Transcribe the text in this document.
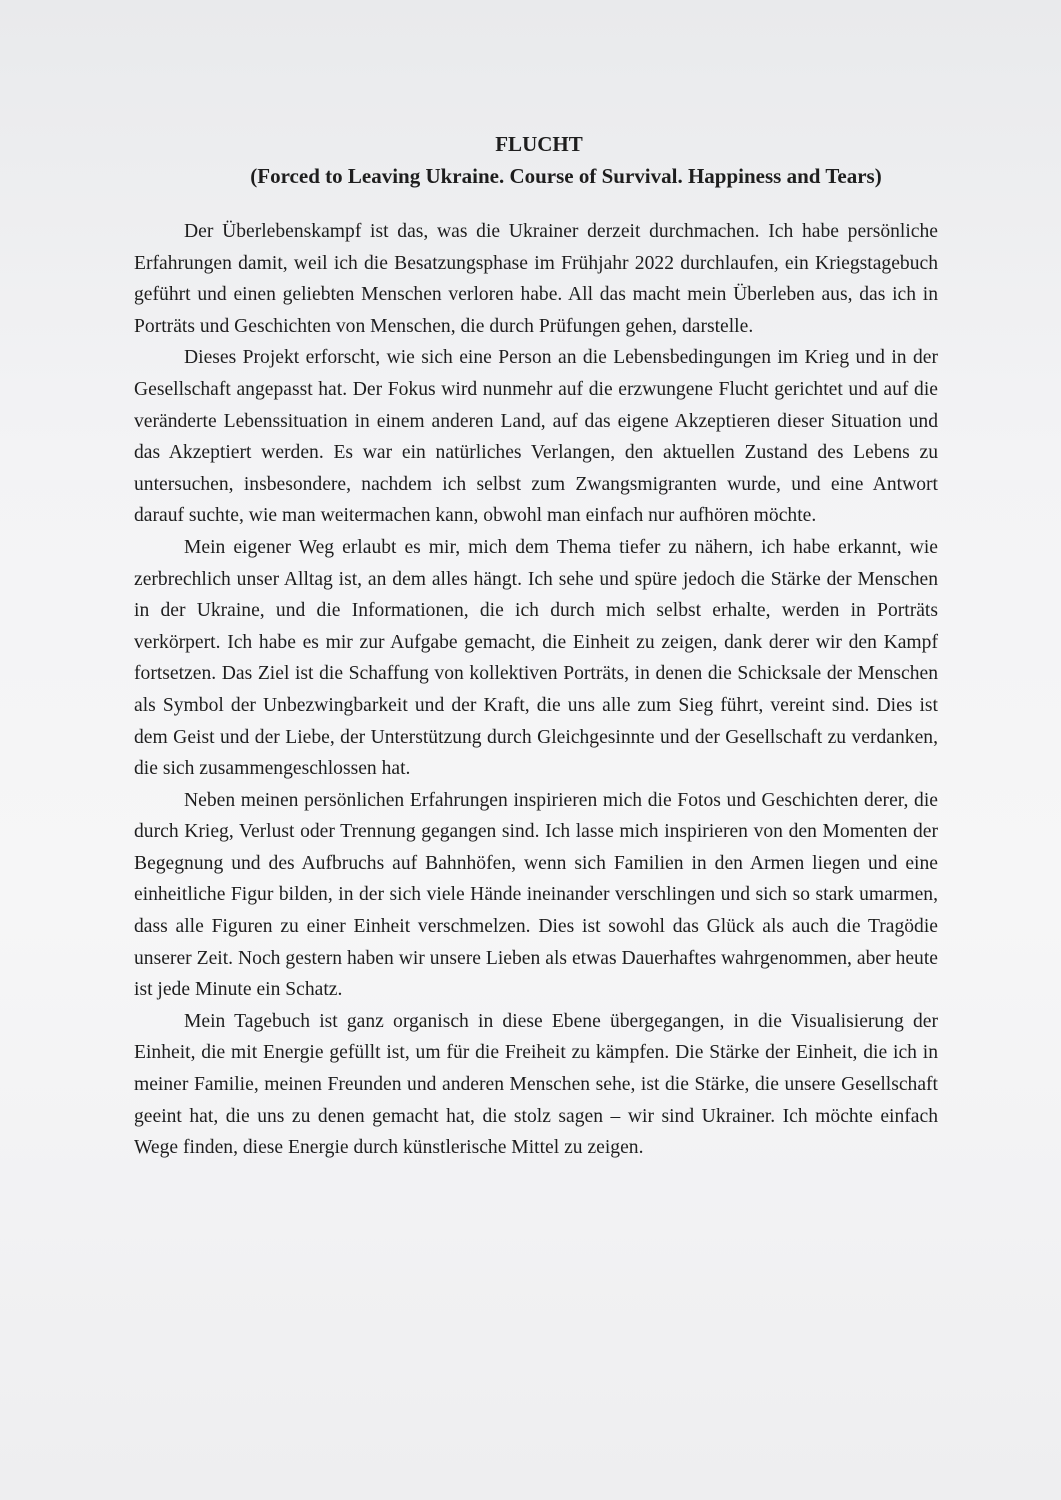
FLUCHT
(Forced to Leaving Ukraine. Course of Survival. Happiness and Tears)

Der Überlebenskampf ist das, was die Ukrainer derzeit durchmachen. Ich habe persönliche Erfahrungen damit, weil ich die Besatzungsphase im Frühjahr 2022 durchlaufen, ein Kriegstagebuch geführt und einen geliebten Menschen verloren habe. All das macht mein Überleben aus, das ich in Porträts und Geschichten von Menschen, die durch Prüfungen gehen, darstelle.

Dieses Projekt erforscht, wie sich eine Person an die Lebensbedingungen im Krieg und in der Gesellschaft angepasst hat. Der Fokus wird nunmehr auf die erzwungene Flucht gerichtet und auf die veränderte Lebenssituation in einem anderen Land, auf das eigene Akzeptieren dieser Situation und das Akzeptiert werden. Es war ein natürliches Verlangen, den aktuellen Zustand des Lebens zu untersuchen, insbesondere, nachdem ich selbst zum Zwangsmigranten wurde, und eine Antwort darauf suchte, wie man weitermachen kann, obwohl man einfach nur aufhören möchte.

Mein eigener Weg erlaubt es mir, mich dem Thema tiefer zu nähern, ich habe erkannt, wie zerbrechlich unser Alltag ist, an dem alles hängt. Ich sehe und spüre jedoch die Stärke der Menschen in der Ukraine, und die Informationen, die ich durch mich selbst erhalte, werden in Porträts verkörpert. Ich habe es mir zur Aufgabe gemacht, die Einheit zu zeigen, dank derer wir den Kampf fortsetzen. Das Ziel ist die Schaffung von kollektiven Porträts, in denen die Schicksale der Menschen als Symbol der Unbezwingbarkeit und der Kraft, die uns alle zum Sieg führt, vereint sind. Dies ist dem Geist und der Liebe, der Unterstützung durch Gleichgesinnte und der Gesellschaft zu verdanken, die sich zusammengeschlossen hat.

Neben meinen persönlichen Erfahrungen inspirieren mich die Fotos und Geschichten derer, die durch Krieg, Verlust oder Trennung gegangen sind. Ich lasse mich inspirieren von den Momenten der Begegnung und des Aufbruchs auf Bahnhöfen, wenn sich Familien in den Armen liegen und eine einheitliche Figur bilden, in der sich viele Hände ineinander verschlingen und sich so stark umarmen, dass alle Figuren zu einer Einheit verschmelzen. Dies ist sowohl das Glück als auch die Tragödie unserer Zeit. Noch gestern haben wir unsere Lieben als etwas Dauerhaftes wahrgenommen, aber heute ist jede Minute ein Schatz.

Mein Tagebuch ist ganz organisch in diese Ebene übergegangen, in die Visualisierung der Einheit, die mit Energie gefüllt ist, um für die Freiheit zu kämpfen. Die Stärke der Einheit, die ich in meiner Familie, meinen Freunden und anderen Menschen sehe, ist die Stärke, die unsere Gesellschaft geeint hat, die uns zu denen gemacht hat, die stolz sagen – wir sind Ukrainer. Ich möchte einfach Wege finden, diese Energie durch künstlerische Mittel zu zeigen.
